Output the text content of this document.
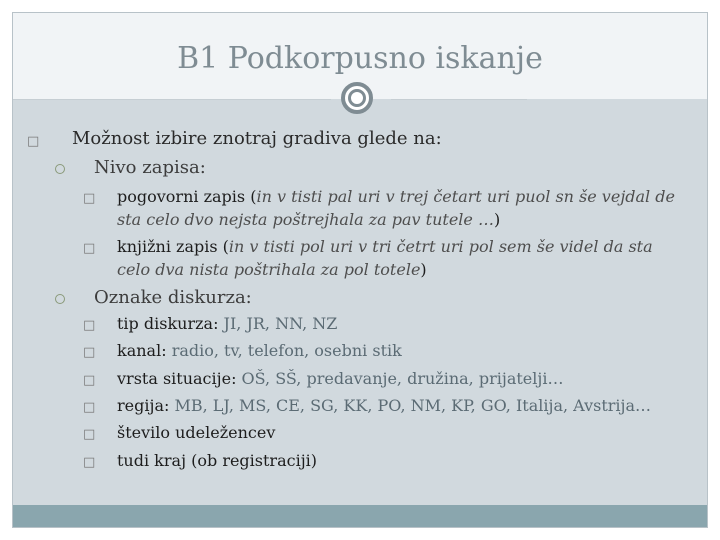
B1 Podkorpusno iskanje
□ Možnost izbire znotraj gradiva glede na:
Nivo zapisa:
□ pogovorni zapis (in v tisti pal uri v trej četart uri puol sn še vejdal de sta celo dvo nejsta poštrejhala za pav tutele …)
□ knjižni zapis (in v tisti pol uri v tri četrt uri pol sem še videl da sta celo dva nista poštrihala za pol totele)
Oznake diskurza:
□ tip diskurza: JI, JR, NN, NZ
□ kanal: radio, tv, telefon, osebni stik
□ vrsta situacije: OŠ, SŠ, predavanje, družina, prijatelji…
□ regija: MB, LJ, MS, CE, SG, KK, PO, NM, KP, GO, Italija, Avstrija…
□ število udeležencev
□ tudi kraj (ob registraciji)
